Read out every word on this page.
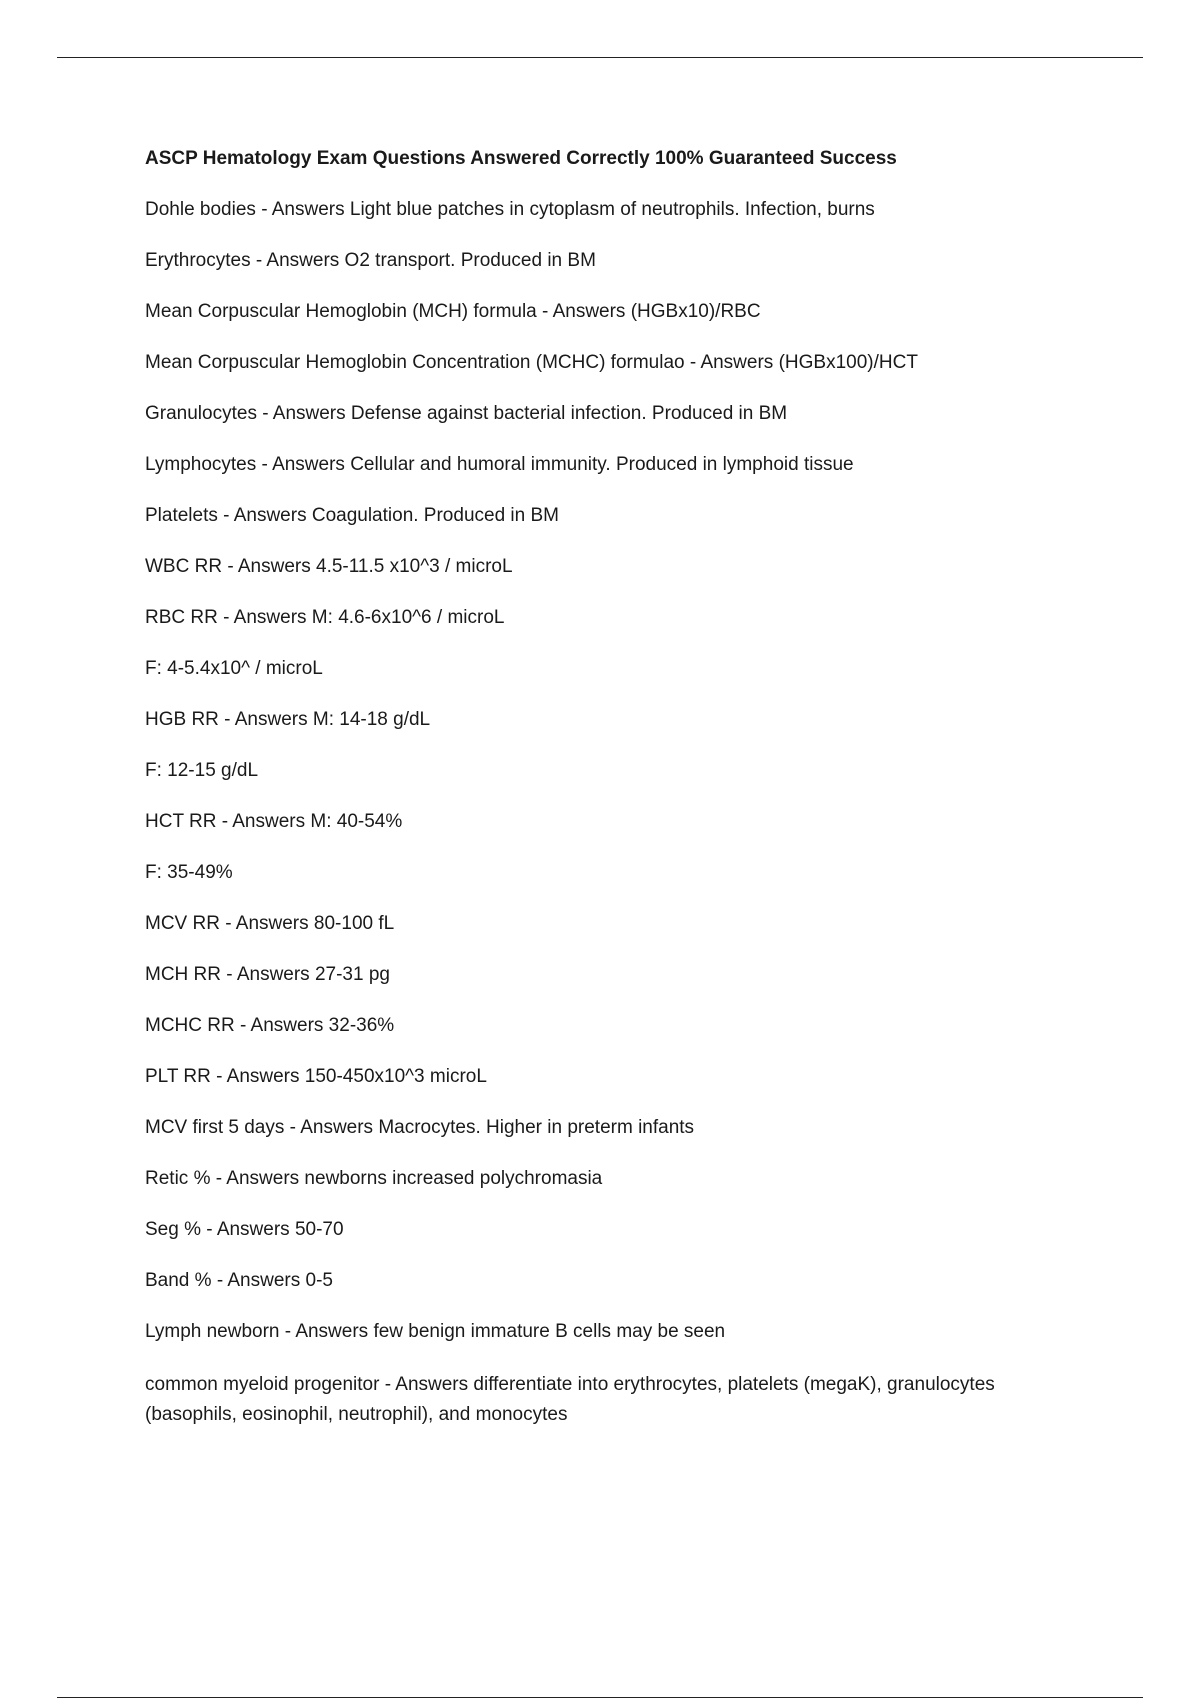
ASCP Hematology Exam Questions Answered Correctly 100% Guaranteed Success

Dohle bodies - Answers Light blue patches in cytoplasm of neutrophils. Infection, burns

Erythrocytes - Answers O2 transport. Produced in BM

Mean Corpuscular Hemoglobin (MCH) formula - Answers (HGBx10)/RBC

Mean Corpuscular Hemoglobin Concentration (MCHC) formulao - Answers (HGBx100)/HCT

Granulocytes - Answers Defense against bacterial infection. Produced in BM

Lymphocytes - Answers Cellular and humoral immunity. Produced in lymphoid tissue

Platelets - Answers Coagulation. Produced in BM

WBC RR - Answers 4.5-11.5 x10^3 / microL

RBC RR - Answers M: 4.6-6x10^6 / microL

F: 4-5.4x10^ / microL

HGB RR - Answers M: 14-18 g/dL

F: 12-15 g/dL

HCT RR - Answers M: 40-54%

F: 35-49%

MCV RR - Answers 80-100 fL

MCH RR - Answers 27-31 pg

MCHC RR - Answers 32-36%

PLT RR - Answers 150-450x10^3 microL

MCV first 5 days - Answers Macrocytes. Higher in preterm infants

Retic % - Answers newborns increased polychromasia

Seg % - Answers 50-70

Band % - Answers 0-5

Lymph newborn - Answers few benign immature B cells may be seen

common myeloid progenitor - Answers differentiate into erythrocytes, platelets (megaK), granulocytes (basophils, eosinophil, neutrophil), and monocytes
